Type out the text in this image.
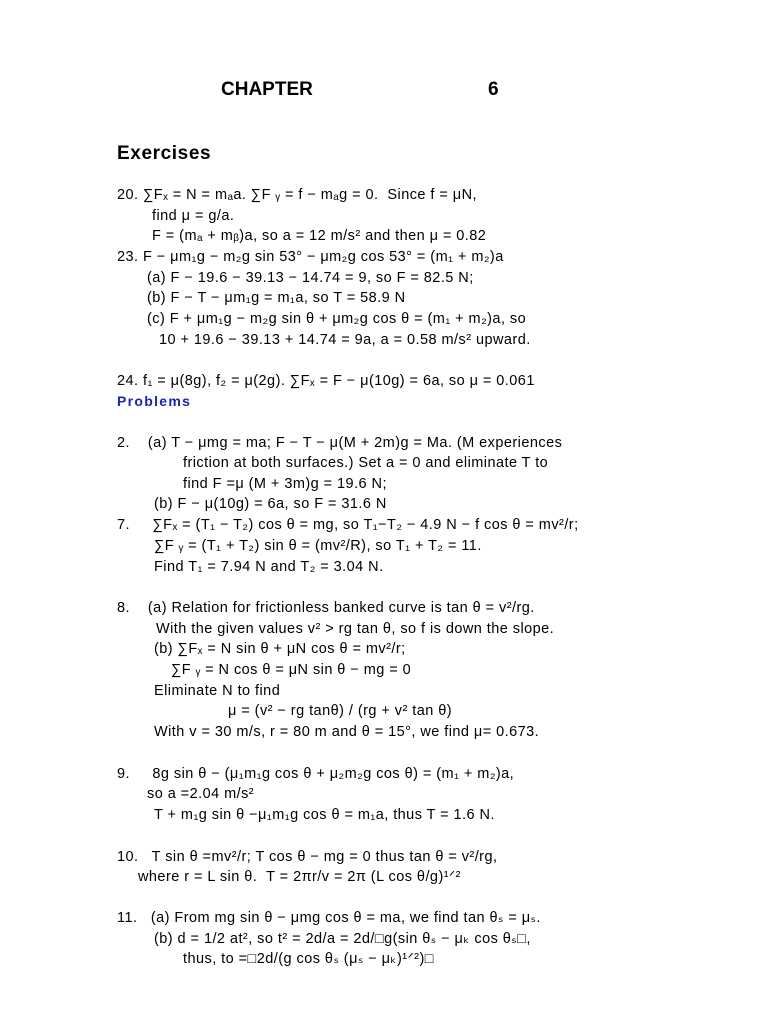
CHAPTER	6
Exercises
20. ∑Fₓ = N = mₐa. ∑F ᵧ = f − mₐg = 0.  Since f = μN,
find μ = g/a.
F = (mₐ + mᵦ)a, so a = 12 m/s² and then μ = 0.82
23. F − μm₁g − m₂g sin 53° − μm₂g cos 53° = (m₁ + m₂)a
(a) F − 19.6 − 39.13 − 14.74 = 9, so F = 82.5 N;
(b) F − T − μm₁g = m₁a, so T = 58.9 N
(c) F + μm₁g − m₂g sin θ + μm₂g cos θ = (m₁ + m₂)a, so
10 + 19.6 − 39.13 + 14.74 = 9a, a = 0.58 m/s² upward.
24. f₁ = μ(8g), f₂ = μ(2g). ∑Fₓ = F − μ(10g) = 6a, so μ = 0.061
Problems
2.    (a) T − μmg = ma; F − T − μ(M + 2m)g = Ma. (M experiences
friction at both surfaces.) Set a = 0 and eliminate T to
find F =μ (M + 3m)g = 19.6 N;
(b) F − μ(10g) = 6a, so F = 31.6 N
7.     ∑Fₓ = (T₁ − T₂) cos θ = mg, so T₁−T₂ − 4.9 N − f cos θ = mv²/r;
∑F ᵧ = (T₁ + T₂) sin θ = (mv²/R), so T₁ + T₂ = 11.
Find T₁ = 7.94 N and T₂ = 3.04 N.
8.    (a) Relation for frictionless banked curve is tan θ = v²/rg.
With the given values v² > rg tan θ, so f is down the slope.
(b) ∑Fₓ = N sin θ + μN cos θ = mv²/r;
∑F ᵧ = N cos θ = μN sin θ − mg = 0
Eliminate N to find
μ = (v² − rg tanθ) / (rg + v² tan θ)
With v = 30 m/s, r = 80 m and θ = 15°, we find μ= 0.673.
9.     8g sin θ − (μ₁m₁g cos θ + μ₂m₂g cos θ) = (m₁ + m₂)a,
so a =2.04 m/s²
T + m₁g sin θ −μ₁m₁g cos θ = m₁a, thus T = 1.6 N.
10.   T sin θ =mv²/r; T cos θ − mg = 0 thus tan θ = v²/rg,
where r = L sin θ.  T = 2πr/v = 2π (L cos θ/g)¹ᐟ²
11.   (a) From mg sin θ − μmg cos θ = ma, we find tan θₛ = μₛ.
(b) d = 1/2 at², so t² = 2d/a = 2d/□g(sin θₛ − μₖ cos θₛ□,
thus, to =□2d/(g cos θₛ (μₛ − μₖ)¹ᐟ²)□
